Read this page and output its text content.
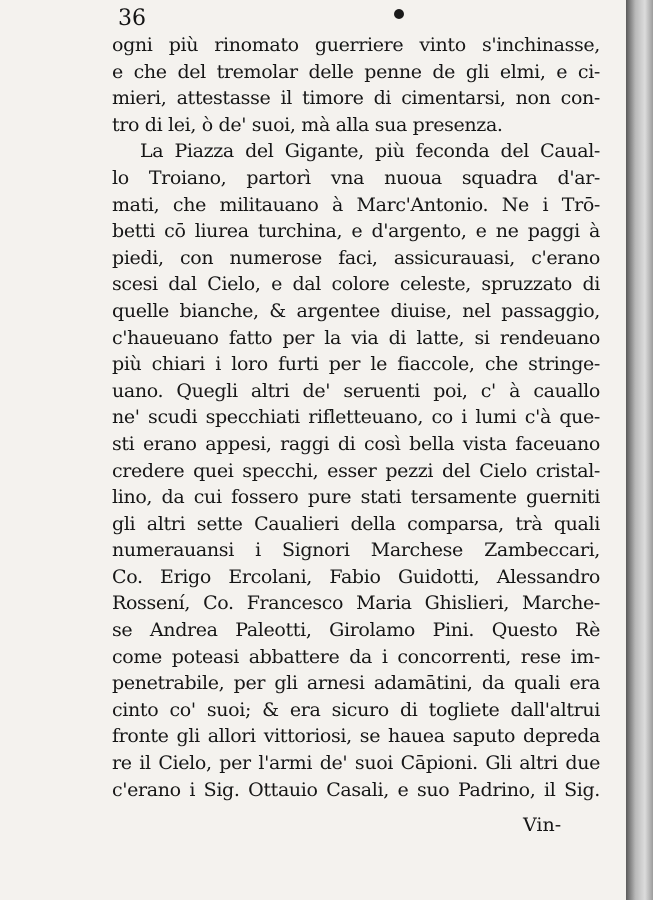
36
ogni più rinomato guerriere vinto s'inchinasse,
e che del tremolar delle penne de gli elmi, e ci-
mieri, attestasse il timore di cimentarsi, non con-
tro di lei, ò de' suoi, mà alla sua presenza.
La Piazza del Gigante, più feconda del Caual-
lo Troiano, partorì vna nuoua squadra d'ar-
mati, che militauano à Marc'Antonio. Ne i Trō-
betti cō liurea turchina, e d'argento, e ne paggi à
piedi, con numerose faci, assicurauasi, c'erano
scesi dal Cielo, e dal colore celeste, spruzzato di
quelle bianche, & argentee diuise, nel passaggio,
c'haueuano fatto per la via di latte, si rendeuano
più chiari i loro furti per le fiaccole, che stringe-
uano. Quegli altri de' seruenti poi, c' à cauallo
ne' scudi specchiati rifletteuano, co i lumi c'à que-
sti erano appesi, raggi di così bella vista faceuano
credere quei specchi, esser pezzi del Cielo cristal-
lino, da cui fossero pure stati tersamente guerniti
gli altri sette Caualieri della comparsa, trà quali
numerauansi i Signori Marchese Zambeccari,
Co. Erigo Ercolani, Fabio Guidotti, Alessandro
Rossení, Co. Francesco Maria Ghislieri, Marche-
se Andrea Paleotti, Girolamo Pini. Questo Rè
come poteasi abbattere da i concorrenti, rese im-
penetrabile, per gli arnesi adamātini, da quali era
cinto co' suoi; & era sicuro di togliete dall'altrui
fronte gli allori vittoriosi, se hauea saputo depreda
re il Cielo, per l'armi de' suoi Cāpioni. Gli altri due
c'erano i Sig. Ottauio Casali, e suo Padrino, il Sig.
Vin-
